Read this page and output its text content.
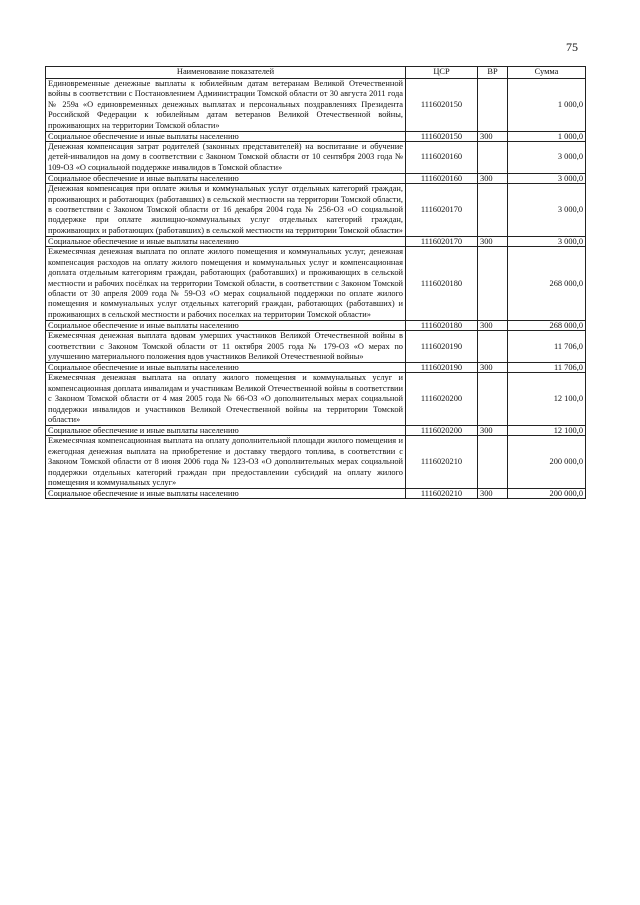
75
Наименование показателей	ЦСР	ВР	Сумма
Единовременные денежные выплаты к юбилейным датам ветеранам Великой Отечественной войны в соответствии с Постановлением Администрации Томской области от 30 августа 2011 года № 259а «О единовременных денежных выплатах и персональных поздравлениях Президента Российской Федерации к юбилейным датам ветеранов Великой Отечественной войны, проживающих на территории Томской области»	1116020150		1 000,0
Социальное обеспечение и иные выплаты населению	1116020150	300	1 000,0
Денежная компенсация затрат родителей (законных представителей) на воспитание и обучение детей-инвалидов на дому в соответствии с Законом Томской области от 10 сентября 2003 года № 109-ОЗ «О социальной поддержке инвалидов в Томской области»	1116020160		3 000,0
Социальное обеспечение и иные выплаты населению	1116020160	300	3 000,0
Денежная компенсация при оплате жилья и коммунальных услуг отдельных категорий граждан, проживающих и работающих (работавших) в сельской местности на территории Томской области, в соответствии с Законом Томской области от 16 декабря 2004 года № 256-ОЗ «О социальной поддержке при оплате жилищно-коммунальных услуг отдельных категорий граждан, проживающих и работающих (работавших) в сельской местности на территории Томской области»	1116020170		3 000,0
Социальное обеспечение и иные выплаты населению	1116020170	300	3 000,0
Ежемесячная денежная выплата по оплате жилого помещения и коммунальных услуг, денежная компенсация расходов на оплату жилого помещения и коммунальных услуг и компенсационная доплата отдельным категориям граждан, работающих (работавших) и проживающих в сельской местности и рабочих посёлках на территории Томской области, в соответствии с Законом Томской области от 30 апреля 2009 года № 59-ОЗ «О мерах социальной поддержки по оплате жилого помещения и коммунальных услуг отдельных категорий граждан, работающих (работавших) и проживающих в сельской местности и рабочих поселках на территории Томской области»	1116020180		268 000,0
Социальное обеспечение и иные выплаты населению	1116020180	300	268 000,0
Ежемесячная денежная выплата вдовам умерших участников Великой Отечественной войны в соответствии с Законом Томской области от 11 октября 2005 года № 179-ОЗ «О мерах по улучшению материального положения вдов участников Великой Отечественной войны»	1116020190		11 706,0
Социальное обеспечение и иные выплаты населению	1116020190	300	11 706,0
Ежемесячная денежная выплата на оплату жилого помещения и коммунальных услуг и компенсационная доплата инвалидам и участникам Великой Отечественной войны в соответствии с Законом Томской области от 4 мая 2005 года № 66-ОЗ «О дополнительных мерах социальной поддержки инвалидов и участников Великой Отечественной войны на территории Томской области»	1116020200		12 100,0
Социальное обеспечение и иные выплаты населению	1116020200	300	12 100,0
Ежемесячная компенсационная выплата на оплату дополнительной площади жилого помещения и ежегодная денежная выплата на приобретение и доставку твердого топлива, в соответствии с Законом Томской области от 8 июня 2006 года № 123-ОЗ «О дополнительных мерах социальной поддержки отдельных категорий граждан при предоставлении субсидий на оплату жилого помещения и коммунальных услуг»	1116020210		200 000,0
Социальное обеспечение и иные выплаты населению	1116020210	300	200 000,0
